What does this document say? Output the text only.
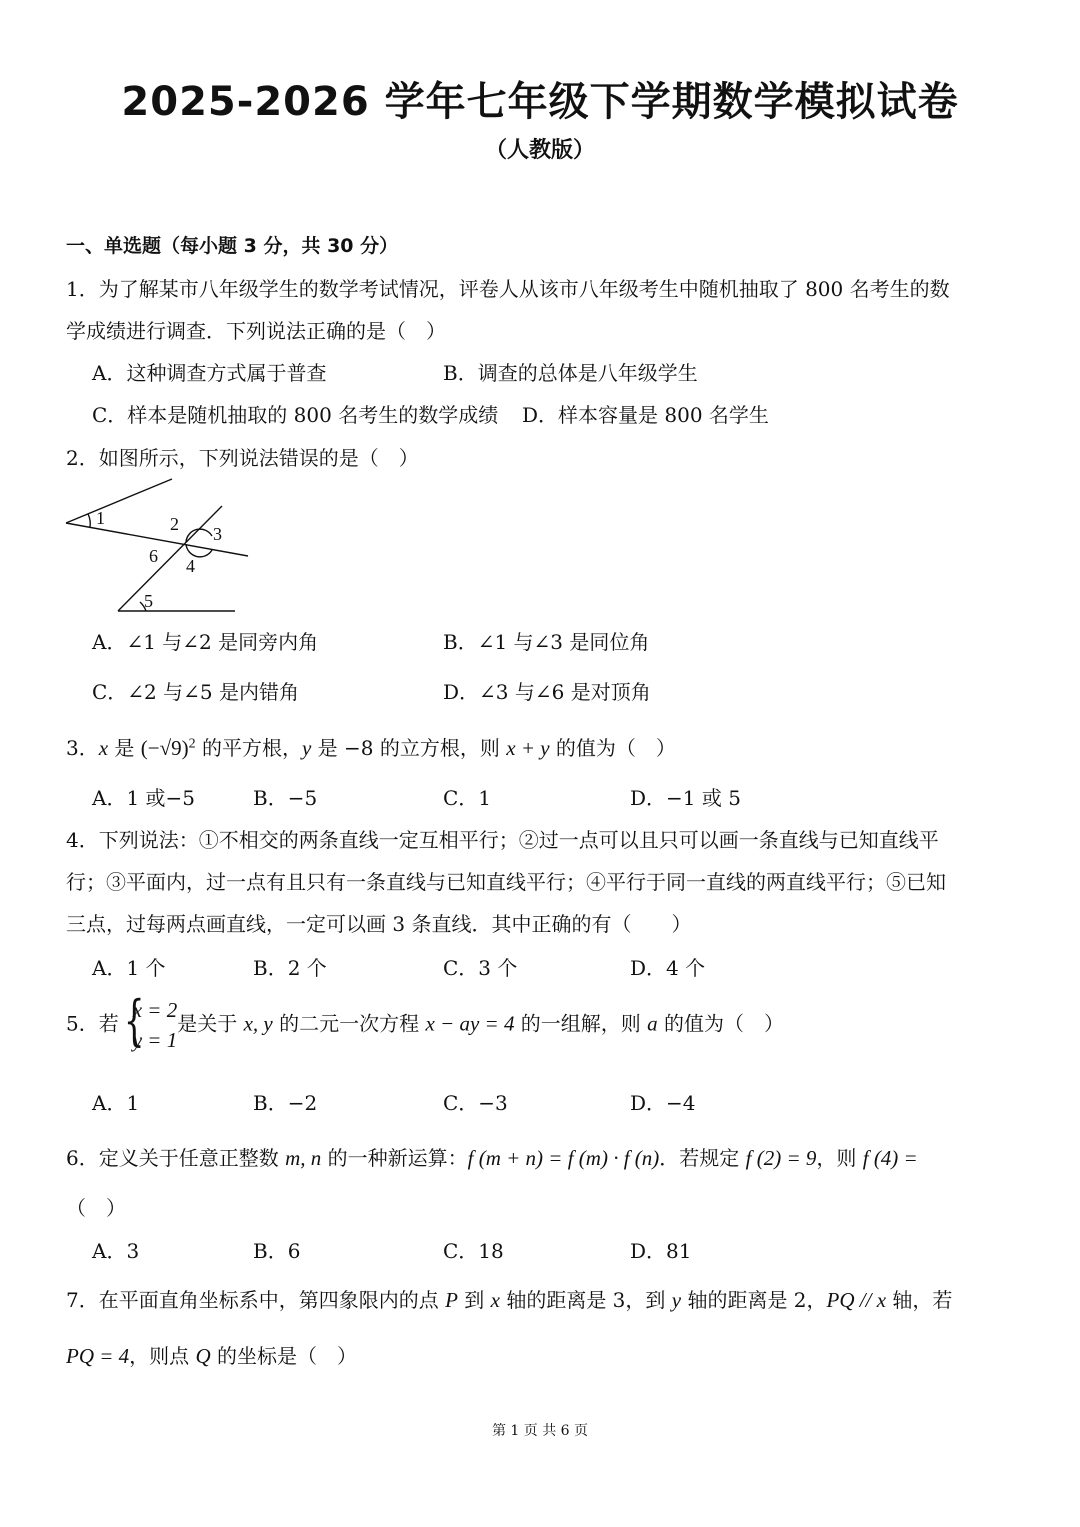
2025-2026 学年七年级下学期数学模拟试卷
（人教版）
一、单选题（每小题 3 分，共 30 分）
1．为了解某市八年级学生的数学考试情况，评卷人从该市八年级考生中随机抽取了 800 名考生的数
学成绩进行调查．下列说法正确的是（　）
A．这种调查方式属于普查	B．调查的总体是八年级学生
C．样本是随机抽取的 800 名考生的数学成绩 D．样本容量是 800 名学生
2．如图所示，下列说法错误的是（　）
1	2 3
4
5
6
A．∠1 与∠2 是同旁内角	B．∠1 与∠3 是同位角
C．∠2 与∠5 是内错角	D．∠3 与∠6 是对顶角
3．x 是 $(-√9)^2$ 的平方根，y 是 −8 的立方根，则 x + y 的值为（　）
A．1 或−5	B．−5	C．1	D．−1 或 5
4．下列说法：①不相交的两条直线一定互相平行；②过一点可以且只可以画一条直线与已知直线平
行；③平面内，过一点有且只有一条直线与已知直线平行；④平行于同一直线的两直线平行；⑤已知
三点，过每两点画直线，一定可以画 3 条直线．其中正确的有（　　）
A．1 个	B．2 个	C．3 个	D．4 个
5．若 {
x = 2
y = 1
是关于 x, y 的二元一次方程 x − ay = 4 的一组解，则 a 的值为（　）
A．1	B．−2	C．−3	D．−4
6．定义关于任意正整数 m, n 的一种新运算：f (m + n) = f (m) · f (n)．若规定 f (2) = 9，则 f (4) =
（　）
A．3	B．6	C．18	D．81
7．在平面直角坐标系中，第四象限内的点 P 到 x 轴的距离是 3，到 y 轴的距离是 2，PQ // x 轴，若
PQ = 4，则点 Q 的坐标是（　）
第 1 页 共 6 页
